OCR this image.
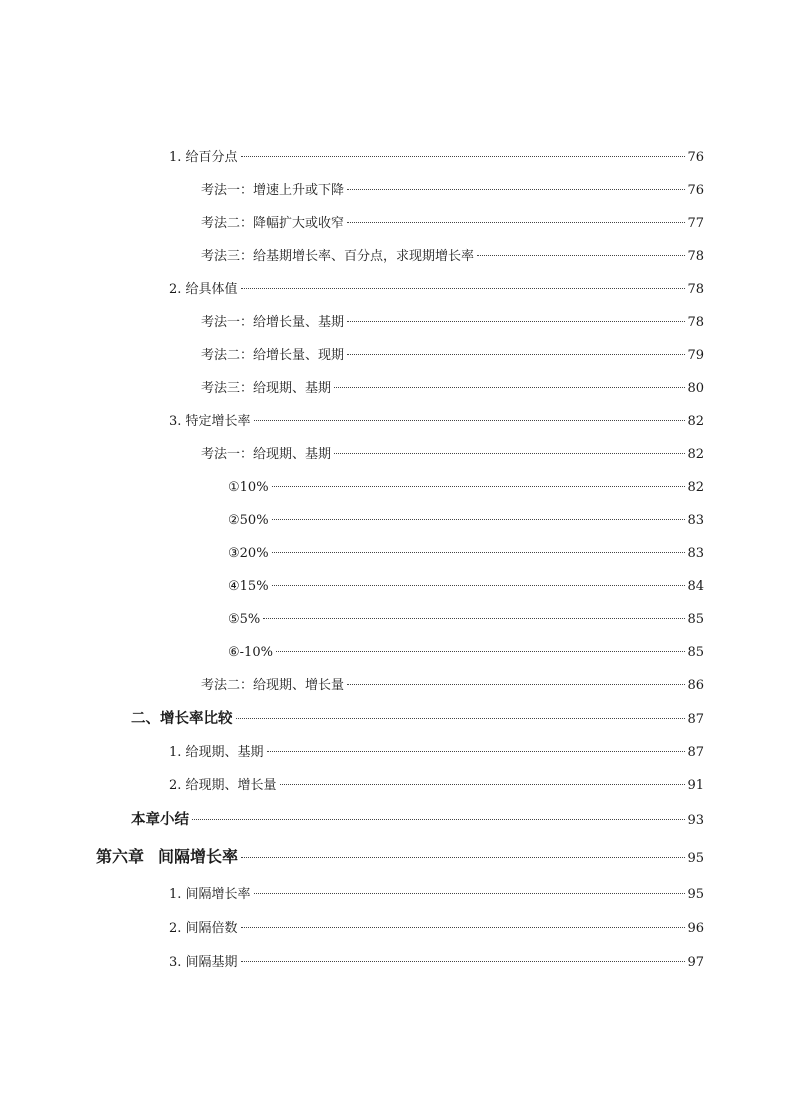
1. 给百分点	76
考法一：增速上升或下降	76
考法二：降幅扩大或收窄	77
考法三：给基期增长率、百分点，求现期增长率	78
2. 给具体值	78
考法一：给增长量、基期	78
考法二：给增长量、现期	79
考法三：给现期、基期	80
3. 特定增长率	82
考法一：给现期、基期	82
①10%	82
②50%	83
③20%	83
④15%	84
⑤5%	85
⑥-10%	85
考法二：给现期、增长量	86
二、增长率比较	87
1. 给现期、基期	87
2. 给现期、增长量	91
本章小结	93
第六章 间隔增长率	95
1. 间隔增长率	95
2. 间隔倍数	96
3. 间隔基期	97
